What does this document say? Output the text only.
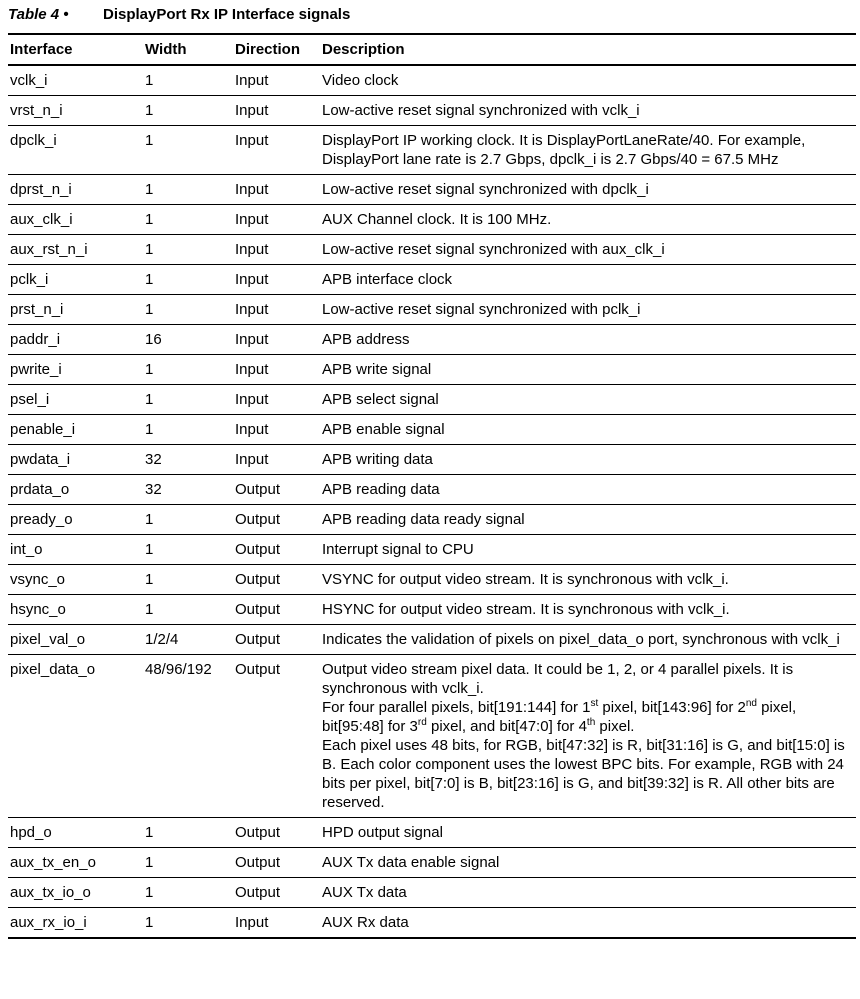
Table 4 •	DisplayPort Rx IP Interface signals
Interface	Width	Direction	Description
vclk_i	1	Input	Video clock
vrst_n_i	1	Input	Low-active reset signal synchronized with vclk_i
dpclk_i	1	Input	DisplayPort IP working clock. It is DisplayPortLaneRate/40. For example, DisplayPort lane rate is 2.7 Gbps, dpclk_i is 2.7 Gbps/40 = 67.5 MHz
dprst_n_i	1	Input	Low-active reset signal synchronized with dpclk_i
aux_clk_i	1	Input	AUX Channel clock. It is 100 MHz.
aux_rst_n_i	1	Input	Low-active reset signal synchronized with aux_clk_i
pclk_i	1	Input	APB interface clock
prst_n_i	1	Input	Low-active reset signal synchronized with pclk_i
paddr_i	16	Input	APB address
pwrite_i	1	Input	APB write signal
psel_i	1	Input	APB select signal
penable_i	1	Input	APB enable signal
pwdata_i	32	Input	APB writing data
prdata_o	32	Output	APB reading data
pready_o	1	Output	APB reading data ready signal
int_o	1	Output	Interrupt signal to CPU
vsync_o	1	Output	VSYNC for output video stream. It is synchronous with vclk_i.
hsync_o	1	Output	HSYNC for output video stream. It is synchronous with vclk_i.
pixel_val_o	1/2/4	Output	Indicates the validation of pixels on pixel_data_o port, synchronous with vclk_i
pixel_data_o	48/96/192	Output	Output video stream pixel data. It could be 1, 2, or 4 parallel pixels. It is synchronous with vclk_i.
For four parallel pixels, bit[191:144] for 1st pixel, bit[143:96] for 2nd pixel, bit[95:48] for 3rd pixel, and bit[47:0] for 4th pixel.
Each pixel uses 48 bits, for RGB, bit[47:32] is R, bit[31:16] is G, and bit[15:0] is B. Each color component uses the lowest BPC bits. For example, RGB with 24 bits per pixel, bit[7:0] is B, bit[23:16] is G, and bit[39:32] is R. All other bits are reserved.
hpd_o	1	Output	HPD output signal
aux_tx_en_o	1	Output	AUX Tx data enable signal
aux_tx_io_o	1	Output	AUX Tx data
aux_rx_io_i	1	Input	AUX Rx data
